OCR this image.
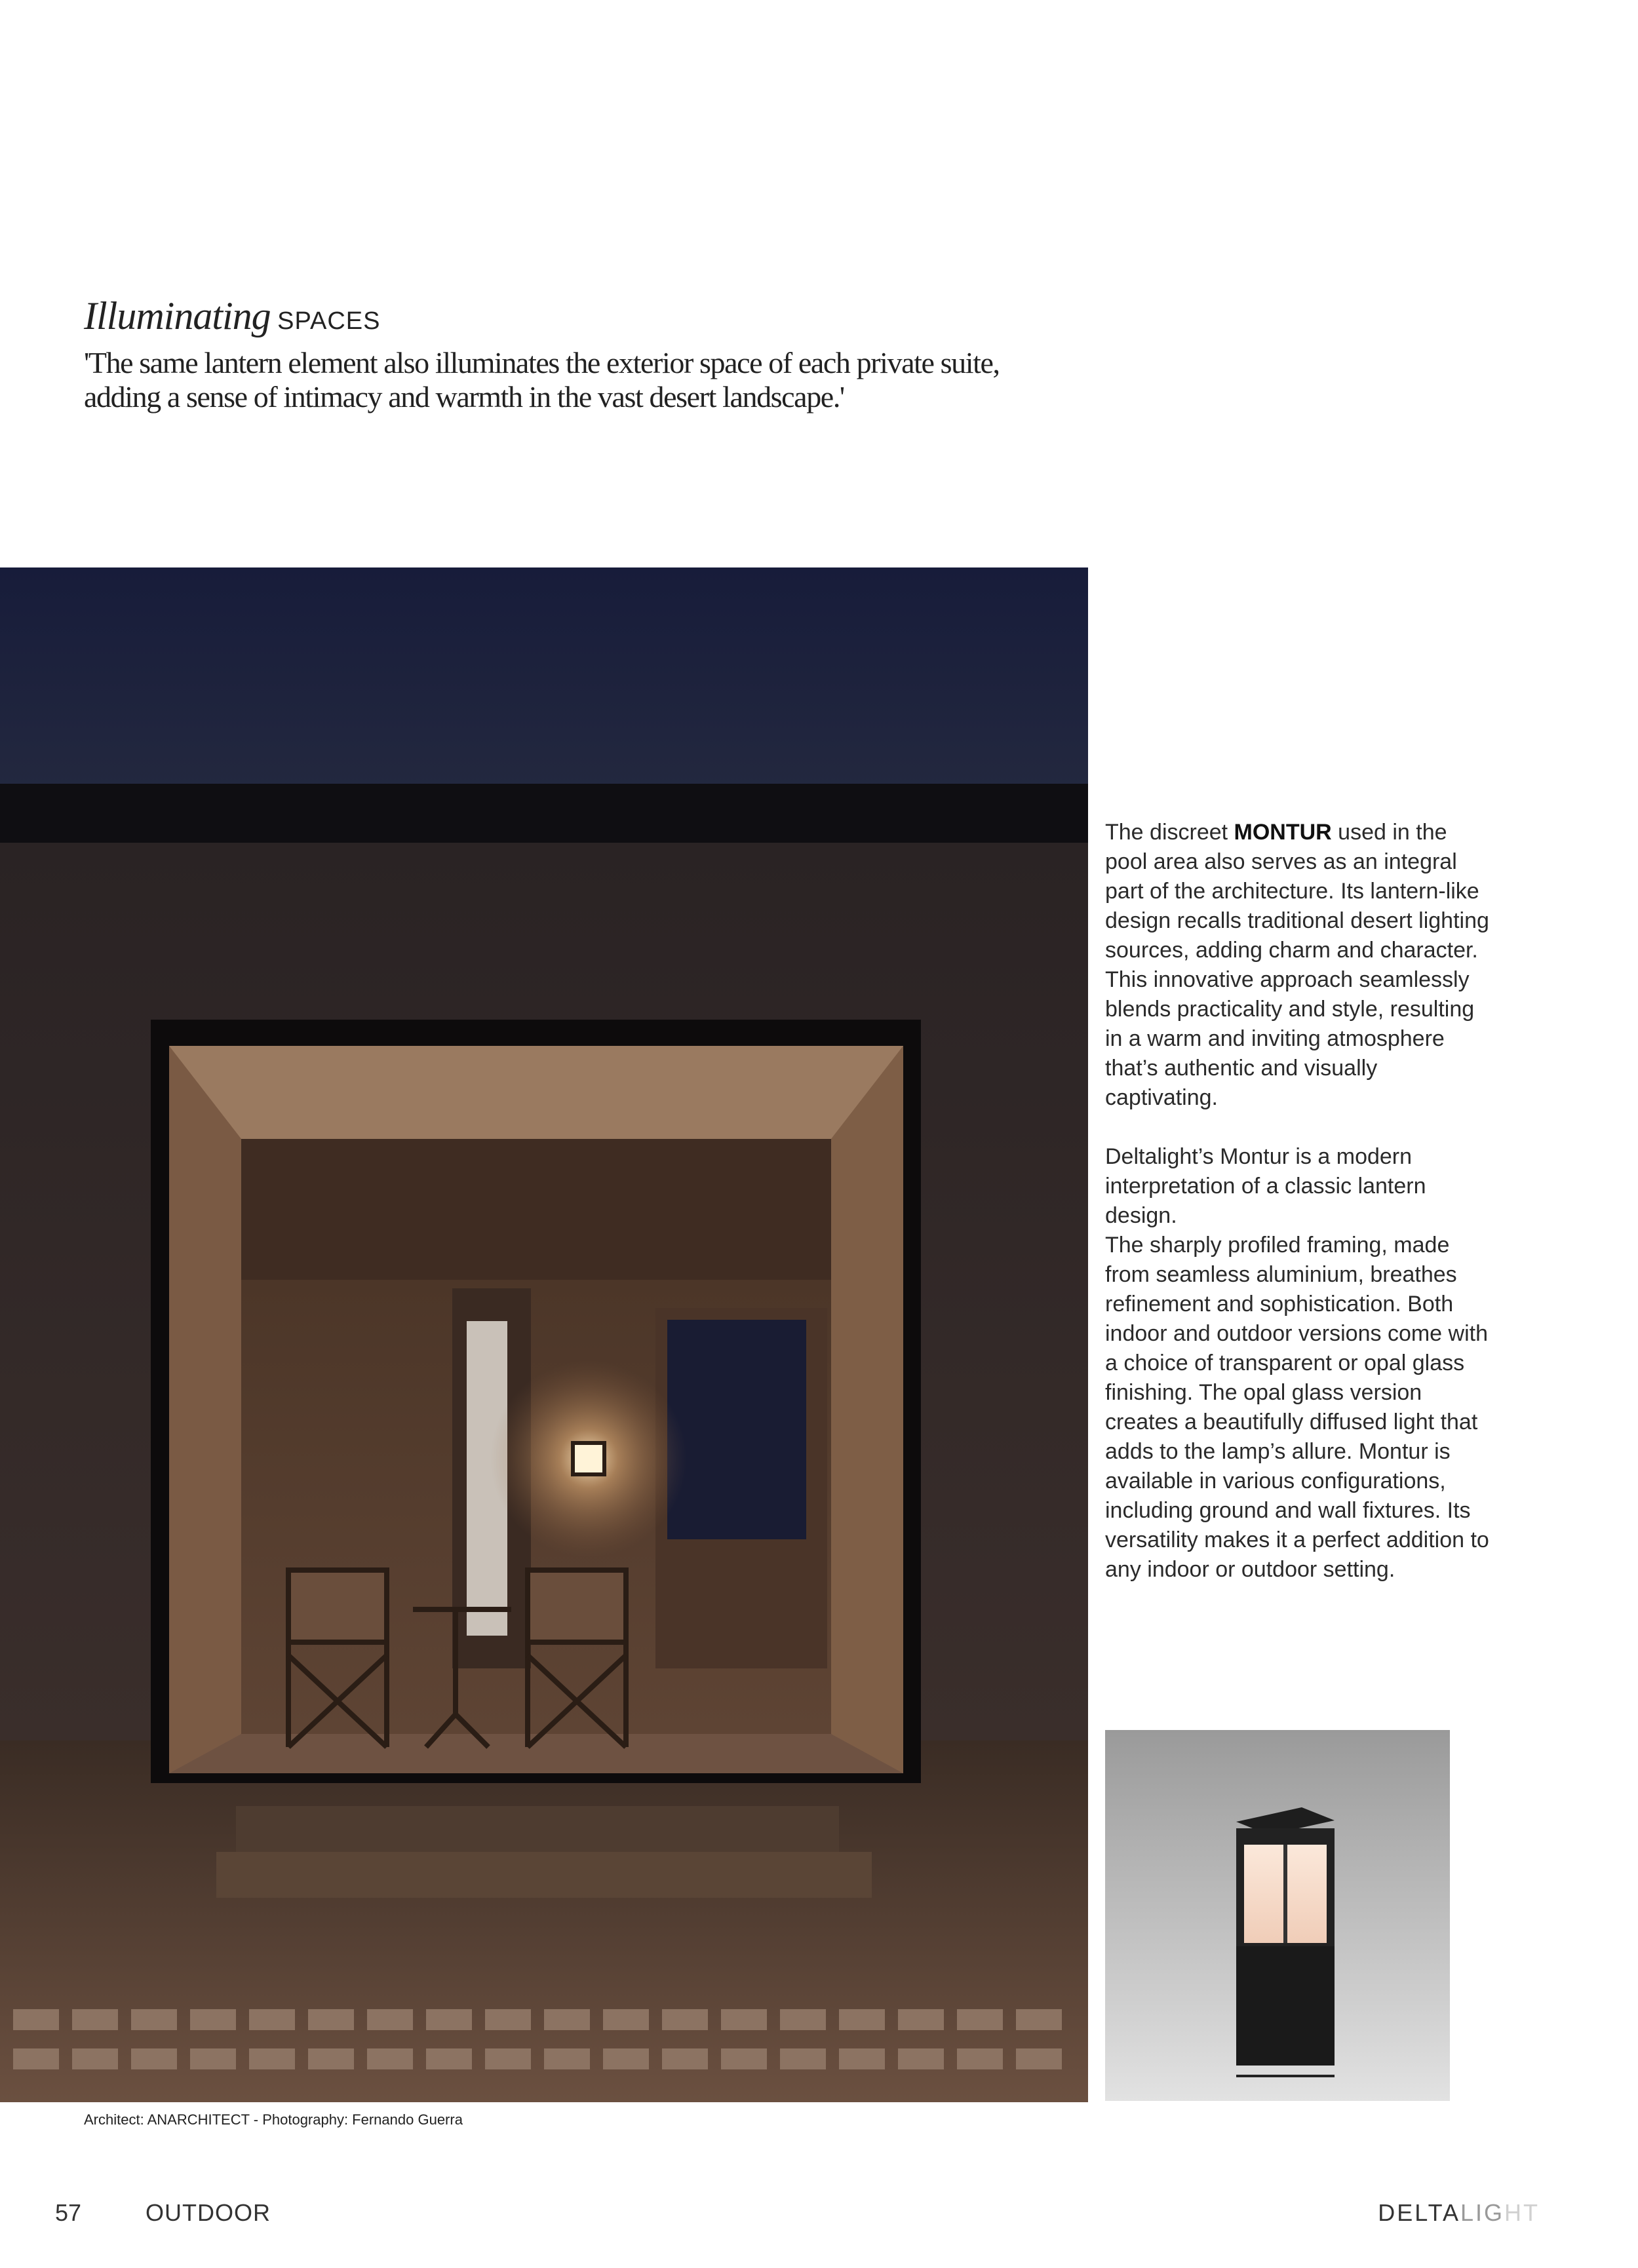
Illuminating SPACES
'The same lantern element also illuminates the exterior space of each private suite,
adding a sense of intimacy and warmth in the vast desert landscape.'

The discreet MONTUR used in the pool area also serves as an integral part of the architecture. Its lantern-like design recalls traditional desert lighting sources, adding charm and character. This innovative approach seamlessly blends practicality and style, resulting in a warm and inviting atmosphere that’s authentic and visually captivating.

Deltalight’s Montur is a modern interpretation of a classic lantern design.

The sharply profiled framing, made from seamless aluminium, breathes refinement and sophistication. Both indoor and outdoor versions come with a choice of transparent or opal glass finishing. The opal glass version creates a beautifully diffused light that adds to the lamp’s allure. Montur is available in various configurations, including ground and wall fixtures. Its versatility makes it a perfect addition to any indoor or outdoor setting.

Architect: ANARCHITECT - Photography: Fernando Guerra
57	OUTDOOR	DELTALIGHT
